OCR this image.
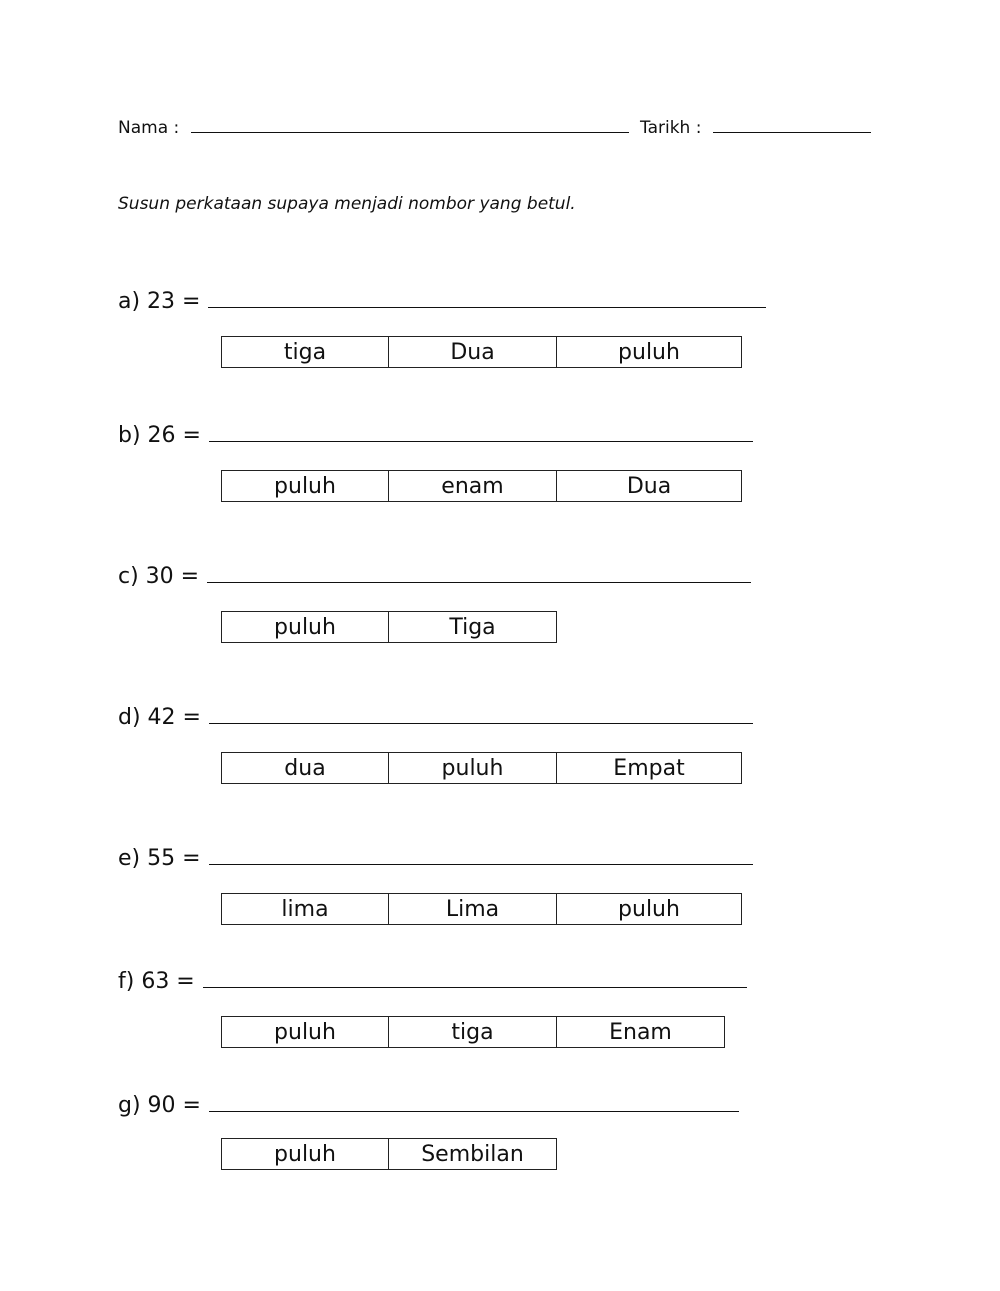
Nama :	Tarikh :
Susun perkataan supaya menjadi nombor yang betul.
a) 23 =
tiga	Dua	puluh
b) 26 =
puluh	enam	Dua
c) 30 =
puluh	Tiga
d) 42 =
dua	puluh	Empat
e) 55 =
lima	Lima	puluh
f) 63 =
puluh	tiga	Enam
g) 90 =
puluh	Sembilan
